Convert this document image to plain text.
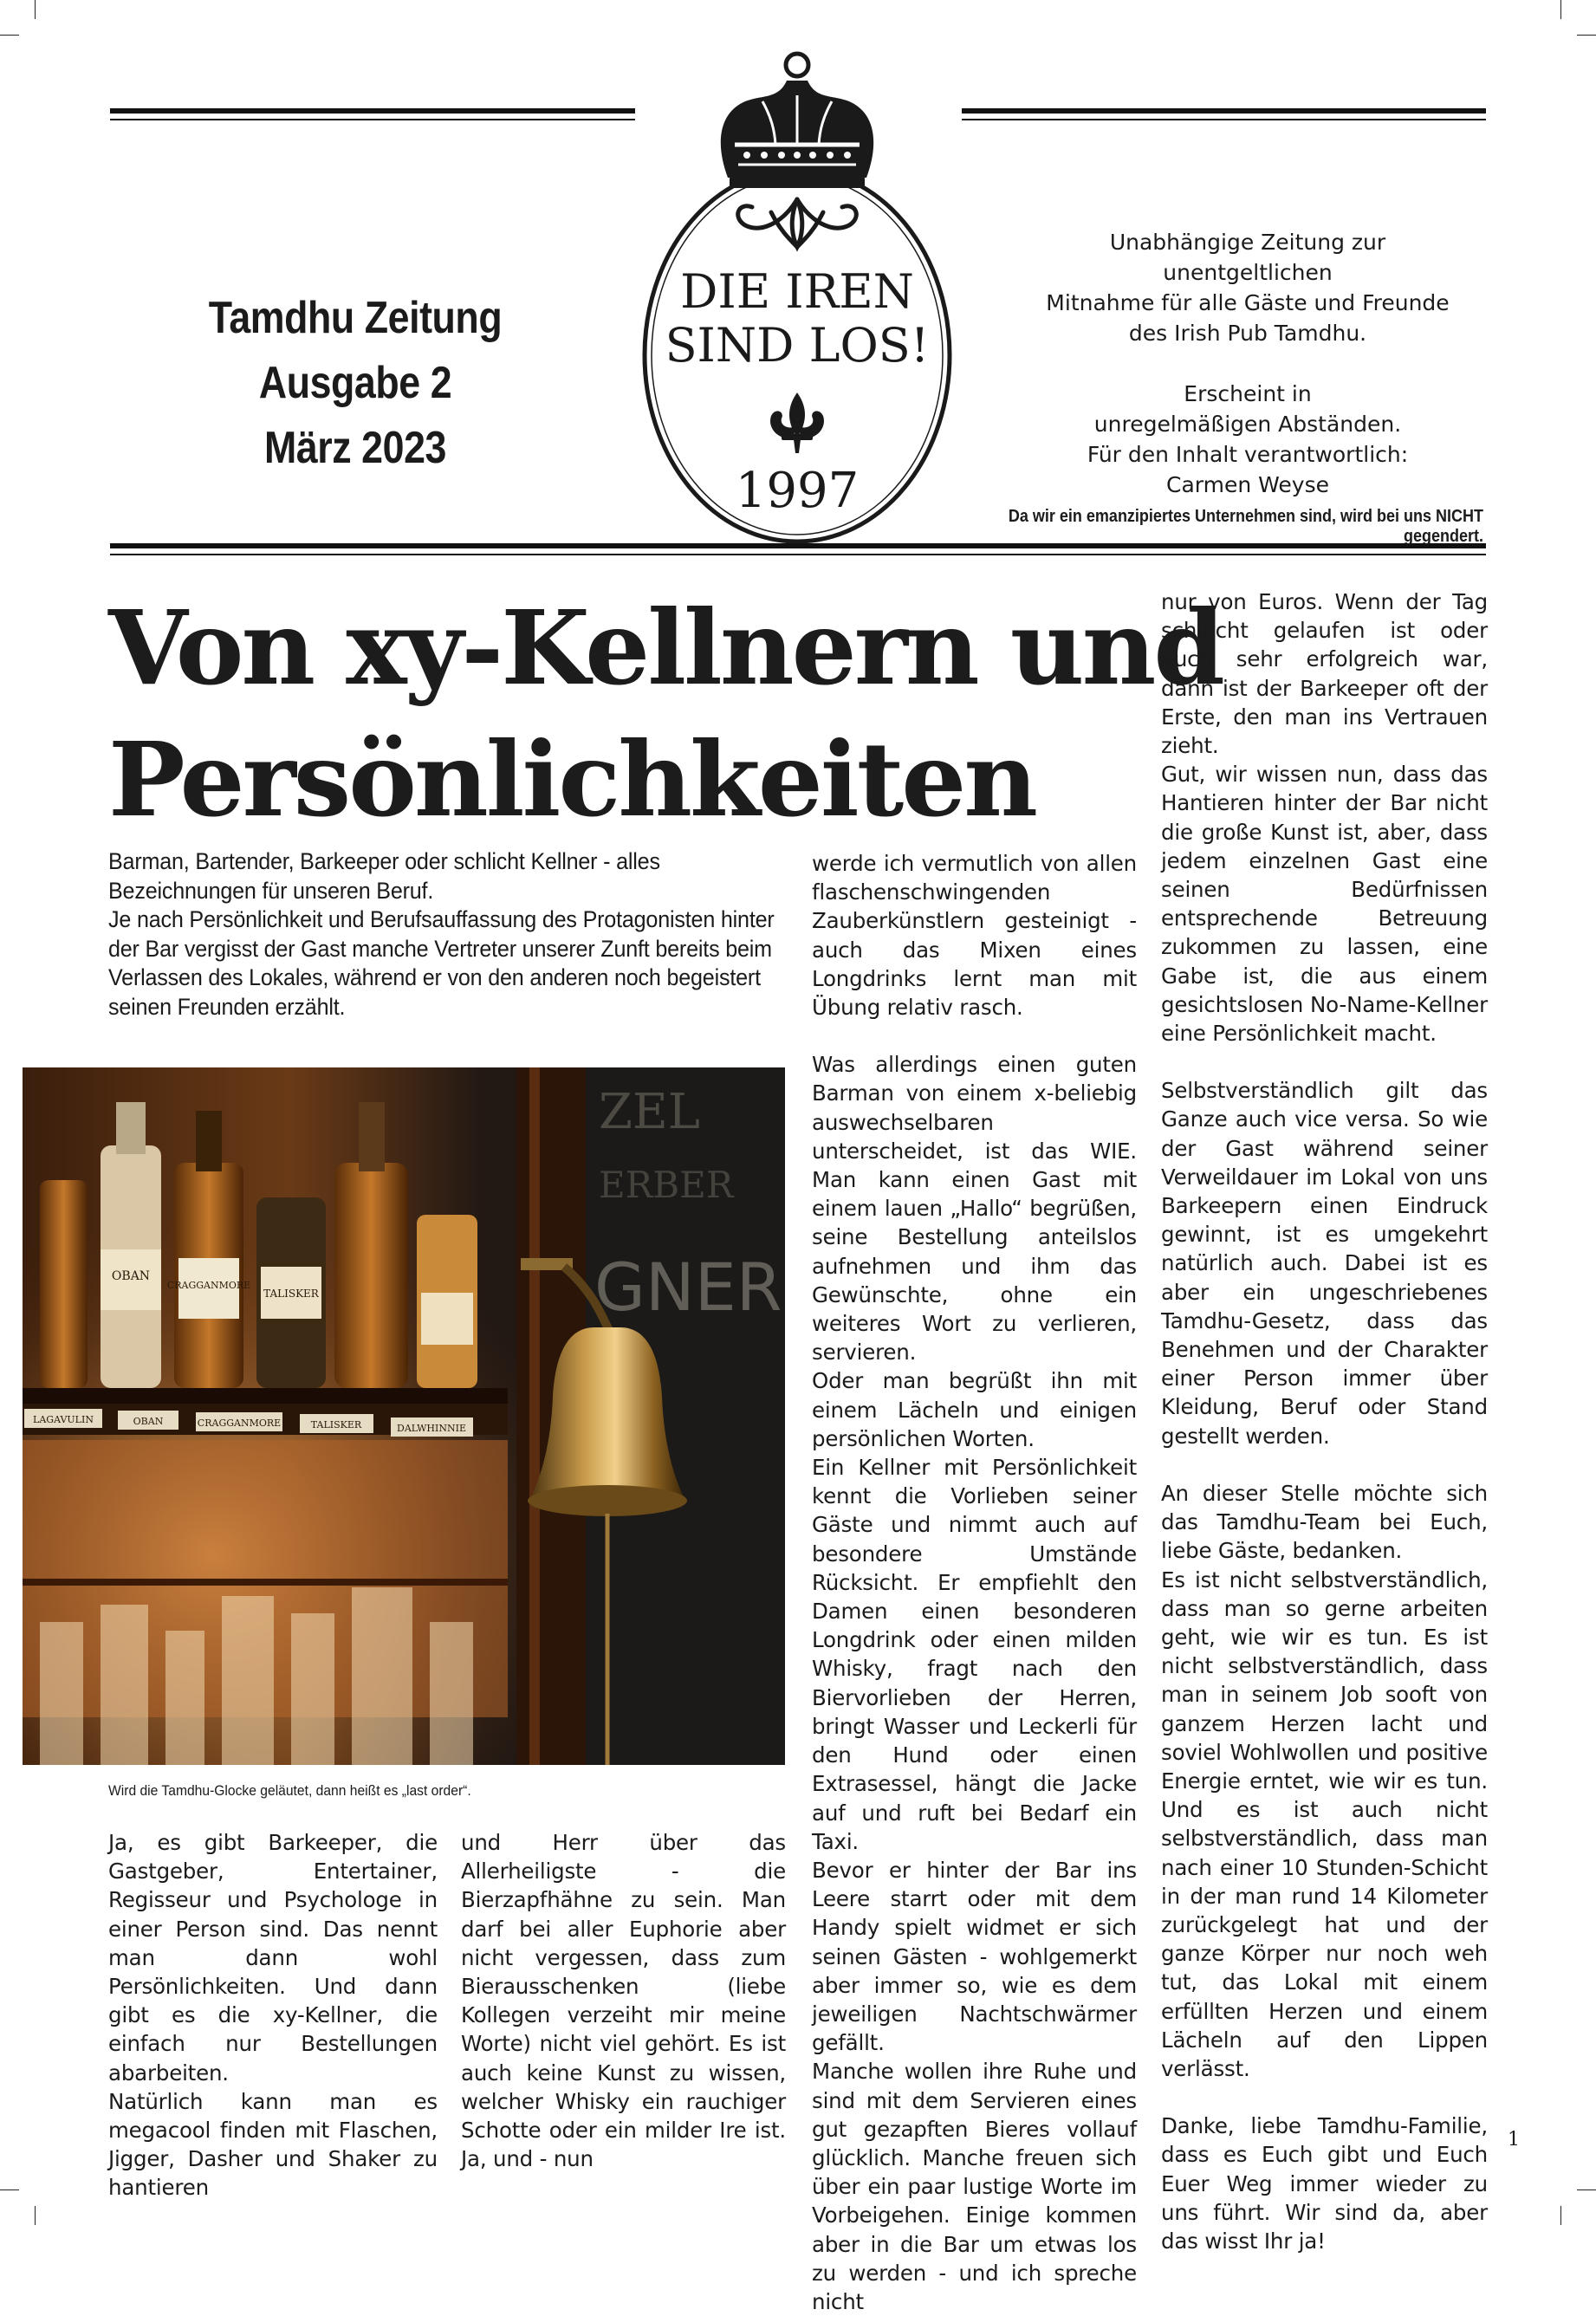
Tamdhu Zeitung
Ausgabe 2
März 2023
DIE IREN
SIND LOS!
1997
Unabhängige Zeitung zur unentgeltlichen
Mitnahme für alle Gäste und Freunde
des Irish Pub Tamdhu.
Erscheint in
unregelmäßigen Abständen.
Für den Inhalt verantwortlich:
Carmen Weyse
Da wir ein emanzipiertes Unternehmen sind, wird bei uns NICHT gegendert.
Von xy-Kellnern und
Persönlichkeiten

Barman, Bartender, Barkeeper oder schlicht Kellner - alles Bezeichnungen für unseren Beruf.

Je nach Persönlichkeit und Berufsauffassung des Protagonisten hinter der Bar vergisst der Gast manche Vertreter unserer Zunft bereits beim Verlassen des Lokales, während er von den anderen noch begeistert seinen Freunden erzählt.

ZEL
ERBER
GNER
OBAN
CRAGGANMORE
TALISKER
LAGAVULIN	OBAN	CRAGGANMORE	TALISKER	DALWHINNIE
Wird die Tamdhu-Glocke geläutet, dann heißt es „last order“.

Ja, es gibt Barkeeper, die Gastgeber, Entertainer, Regisseur und Psychologe in einer Person sind. Das nennt man dann wohl Persönlichkeiten. Und dann gibt es die xy-Kellner, die einfach nur Bestellungen abarbeiten.

Natürlich kann man es megacool finden mit Flaschen, Jigger, Dasher und Shaker zu hantieren

und Herr über das Allerheiligste - die Bierzapfhähne zu sein. Man darf bei aller Euphorie aber nicht vergessen, dass zum Bierausschenken (liebe Kollegen verzeiht mir meine Worte) nicht viel gehört. Es ist auch keine Kunst zu wissen, welcher Whisky ein rauchiger Schotte oder ein milder Ire ist. Ja, und - nun

werde ich vermutlich von allen flaschenschwingenden Zauberkünstlern gesteinigt - auch das Mixen eines Longdrinks lernt man mit Übung relativ rasch.

Was allerdings einen guten Barman von einem x-beliebig auswechselbaren unterscheidet, ist das WIE. Man kann einen Gast mit einem lauen „Hallo“ begrüßen, seine Bestellung anteilslos aufnehmen und ihm das Gewünschte, ohne ein weiteres Wort zu verlieren, servieren.

Oder man begrüßt ihn mit einem Lächeln und einigen persönlichen Worten.

Ein Kellner mit Persönlichkeit kennt die Vorlieben seiner Gäste und nimmt auch auf besondere Umstände Rücksicht. Er empfiehlt den Damen einen besonderen Longdrink oder einen milden Whisky, fragt nach den Biervorlieben der Herren, bringt Wasser und Leckerli für den Hund oder einen Extrasessel, hängt die Jacke auf und ruft bei Bedarf ein Taxi.

Bevor er hinter der Bar ins Leere starrt oder mit dem Handy spielt widmet er sich seinen Gästen - wohlgemerkt aber immer so, wie es dem jeweiligen Nachtschwärmer gefällt.

Manche wollen ihre Ruhe und sind mit dem Servieren eines gut gezapften Bieres vollauf glücklich. Manche freuen sich über ein paar lustige Worte im Vorbeigehen. Einige kommen aber in die Bar um etwas los zu werden - und ich spreche nicht

nur von Euros. Wenn der Tag schlecht gelaufen ist oder auch sehr erfolgreich war, dann ist der Barkeeper oft der Erste, den man ins Vertrauen zieht.

Gut, wir wissen nun, dass das Hantieren hinter der Bar nicht die große Kunst ist, aber, dass jedem einzelnen Gast eine seinen Bedürfnissen entsprechende Betreuung zukommen zu lassen, eine Gabe ist, die aus einem gesichtslosen No-Name-Kellner eine Persönlichkeit macht.

Selbstverständlich gilt das Ganze auch vice versa. So wie der Gast während seiner Verweildauer im Lokal von uns Barkeepern einen Eindruck gewinnt, ist es umgekehrt natürlich auch. Dabei ist es aber ein ungeschriebenes Tamdhu-Gesetz, dass das Benehmen und der Charakter einer Person immer über Kleidung, Beruf oder Stand gestellt werden.

An dieser Stelle möchte sich das Tamdhu-Team bei Euch, liebe Gäste, bedanken.

Es ist nicht selbstverständlich, dass man so gerne arbeiten geht, wie wir es tun. Es ist nicht selbstverständlich, dass man in seinem Job sooft von ganzem Herzen lacht und soviel Wohlwollen und positive Energie erntet, wie wir es tun. Und es ist auch nicht selbstverständlich, dass man nach einer 10 Stunden-Schicht in der man rund 14 Kilometer zurückgelegt hat und der ganze Körper nur noch weh tut, das Lokal mit einem erfüllten Herzen und einem Lächeln auf den Lippen verlässt.

Danke, liebe Tamdhu-Familie, dass es Euch gibt und Euch Euer Weg immer wieder zu uns führt. Wir sind da, aber das wisst Ihr ja!

1
